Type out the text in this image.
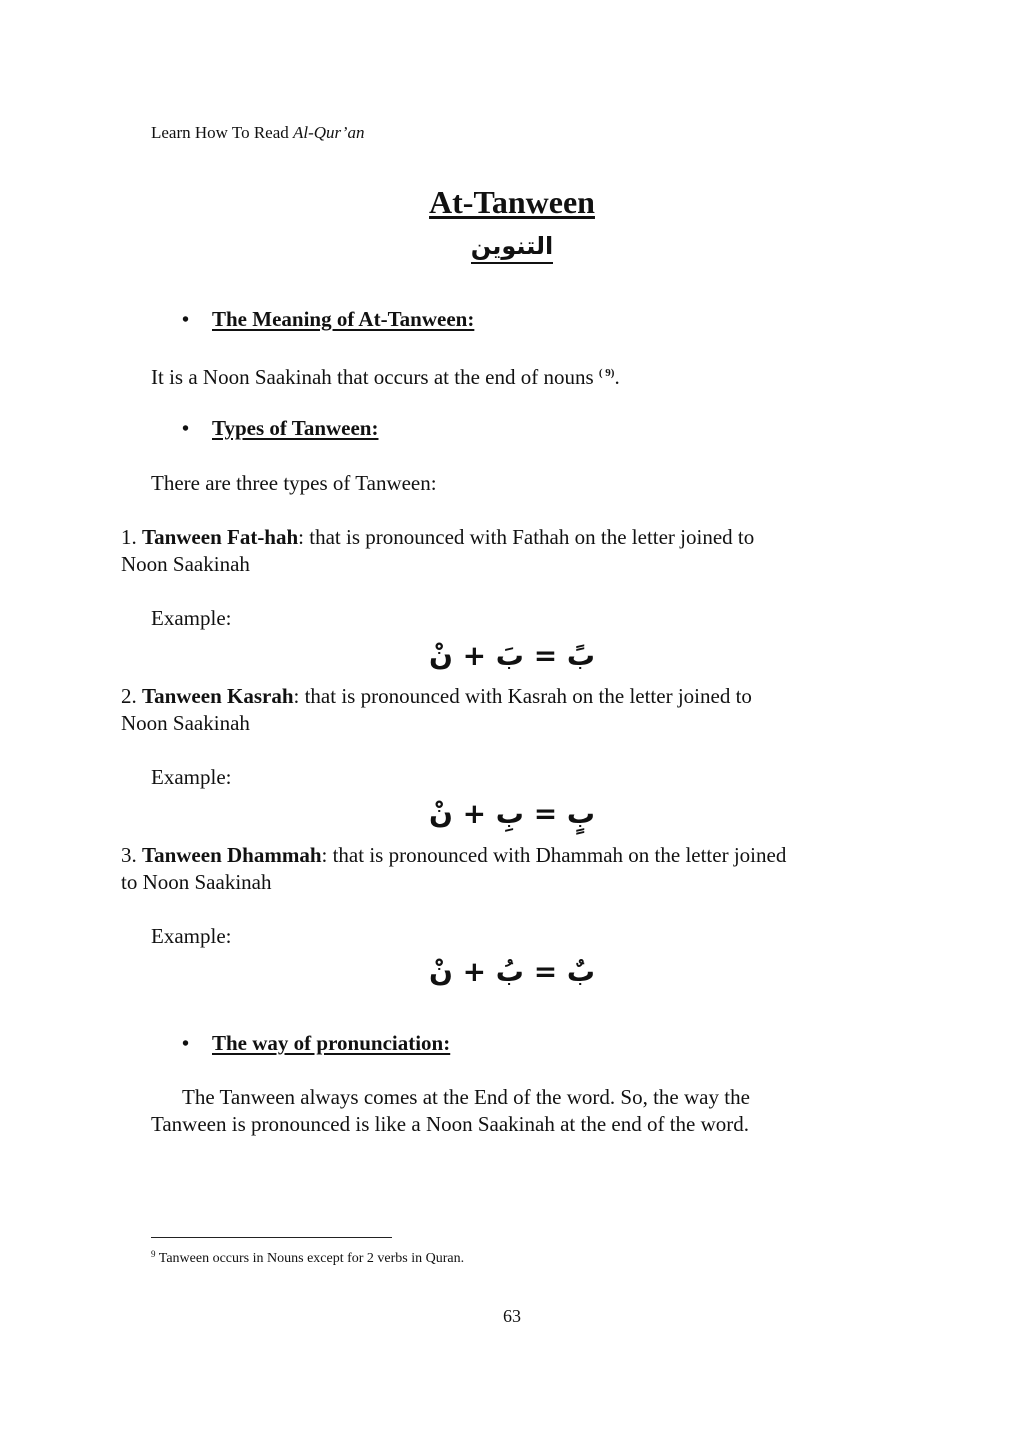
Learn How To Read Al-Qur’an
At-Tanween
التنوين
• The Meaning of At-Tanween:
It is a Noon Saakinah that occurs at the end of nouns $^{( 9)}$.
• Types of Tanween:
There are three types of Tanween:
1. Tanween Fat-hah: that is pronounced with Fathah on the letter joined to
Noon Saakinah
Example:
بً = بَ + نْ
2. Tanween Kasrah: that is pronounced with Kasrah on the letter joined to
Noon Saakinah
Example:
بٍ = بِ + نْ
3. Tanween Dhammah: that is pronounced with Dhammah on the letter joined
to Noon Saakinah
Example:
بٌ = بُ + نْ
• The way of pronunciation:
The Tanween always comes at the End of the word. So, the way the
Tanween is pronounced is like a Noon Saakinah at the end of the word.
$^9$ Tanween occurs in Nouns except for 2 verbs in Quran.
63
